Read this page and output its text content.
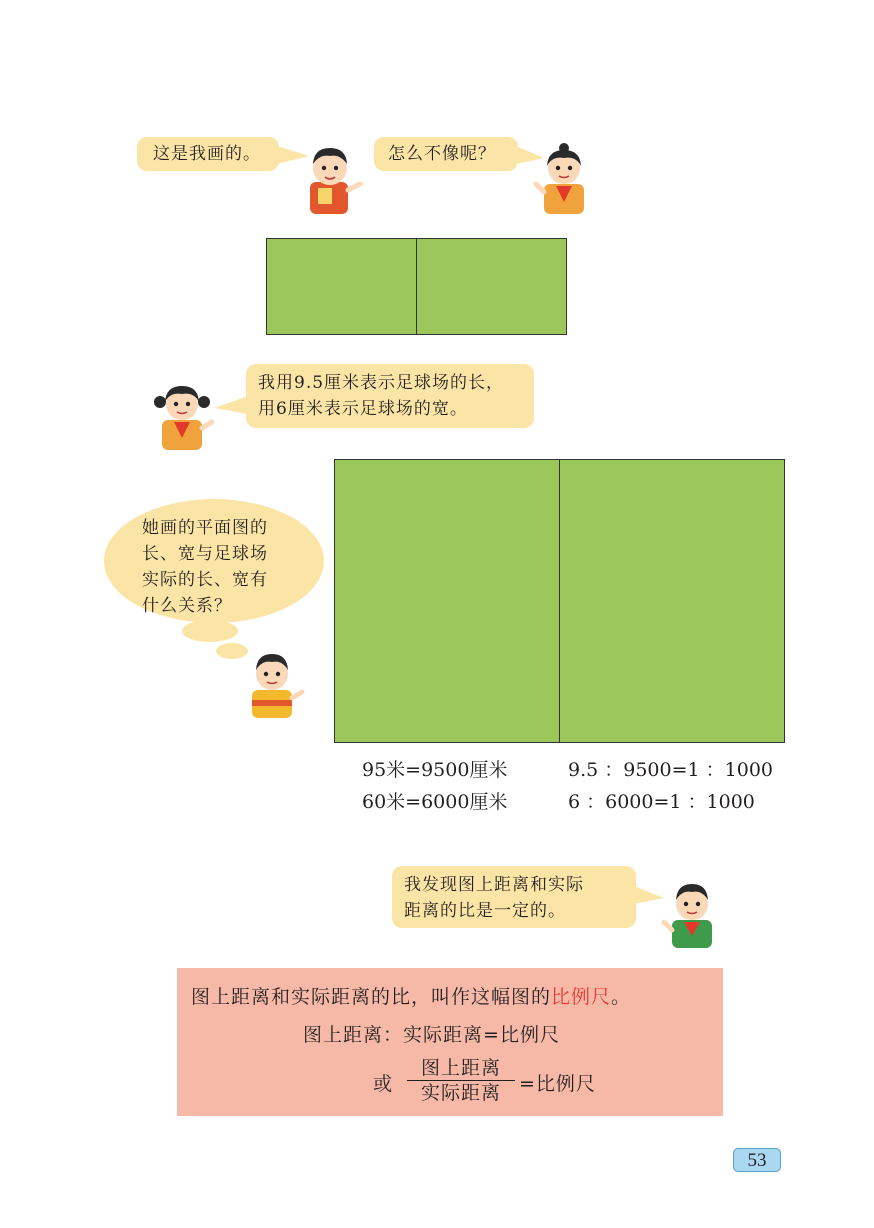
这是我画的。	怎么不像呢？
我用9.5厘米表示足球场的长，
用6厘米表示足球场的宽。
她画的平面图的
长、宽与足球场
实际的长、宽有
什么关系？
95米=9500厘米
60米=6000厘米
9.5 ：9500=1 ：1000
6 ：6000=1 ：1000
我发现图上距离和实际
距离的比是一定的。
图上距离和实际距离的比，叫作这幅图的比例尺。
图上距离：实际距离=比例尺
或
图上距离
实际距离 =比例尺
53
